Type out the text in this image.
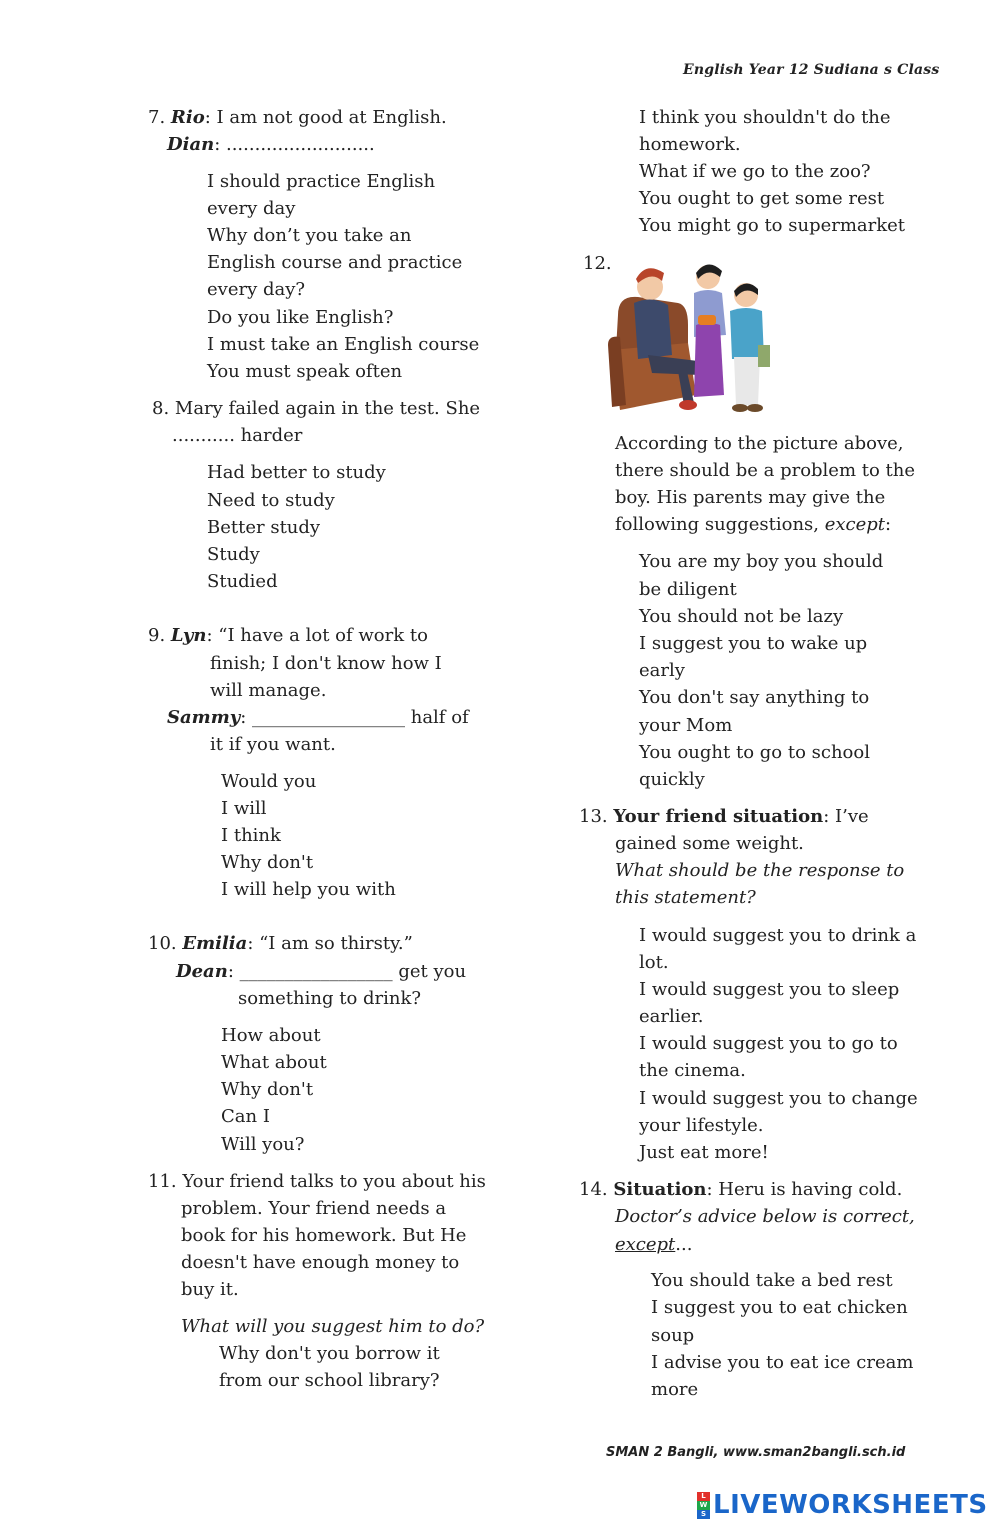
English Year 12 Sudiana s Class
7. Rio: I am not good at English.
Dian: ..........................
I should practice English
every day
Why don’t you take an
English course and practice
every day?
Do you like English?
I must take an English course
You must speak often
8. Mary failed again in the test. She
........... harder
Had better to study
Need to study
Better study
Study
Studied
9. Lyn: “I have a lot of work to
finish; I don't know how I
will manage.
Sammy: _________________ half of
it if you want.
Would you
I will
I think
Why don't
I will help you with
10. Emilia: “I am so thirsty.”
Dean: _________________ get you
something to drink?
How about
What about
Why don't
Can I
Will you?
11. Your friend talks to you about his
problem. Your friend needs a
book for his homework. But He
doesn't have enough money to
buy it.
What will you suggest him to do?
Why don't you borrow it
from our school library?
I think you shouldn't do the
homework.
What if we go to the zoo?
You ought to get some rest
You might go to supermarket
12.
According to the picture above,
there should be a problem to the
boy. His parents may give the
following suggestions, except:
You are my boy you should
be diligent
You should not be lazy
I suggest you to wake up
early
You don't say anything to
your Mom
You ought to go to school
quickly
13. Your friend situation: I’ve
gained some weight.
What should be the response to
this statement?
I would suggest you to drink a
lot.
I would suggest you to sleep
earlier.
I would suggest you to go to
the cinema.
I would suggest you to change
your lifestyle.
Just eat more!
14. Situation: Heru is having cold.
Doctor’s advice below is correct,
except...
You should take a bed rest
I suggest you to eat chicken
soup
I advise you to eat ice cream
more
SMAN 2 Bangli, www.sman2bangli.sch.id
L
W
S LIVEWORKSHEETS
